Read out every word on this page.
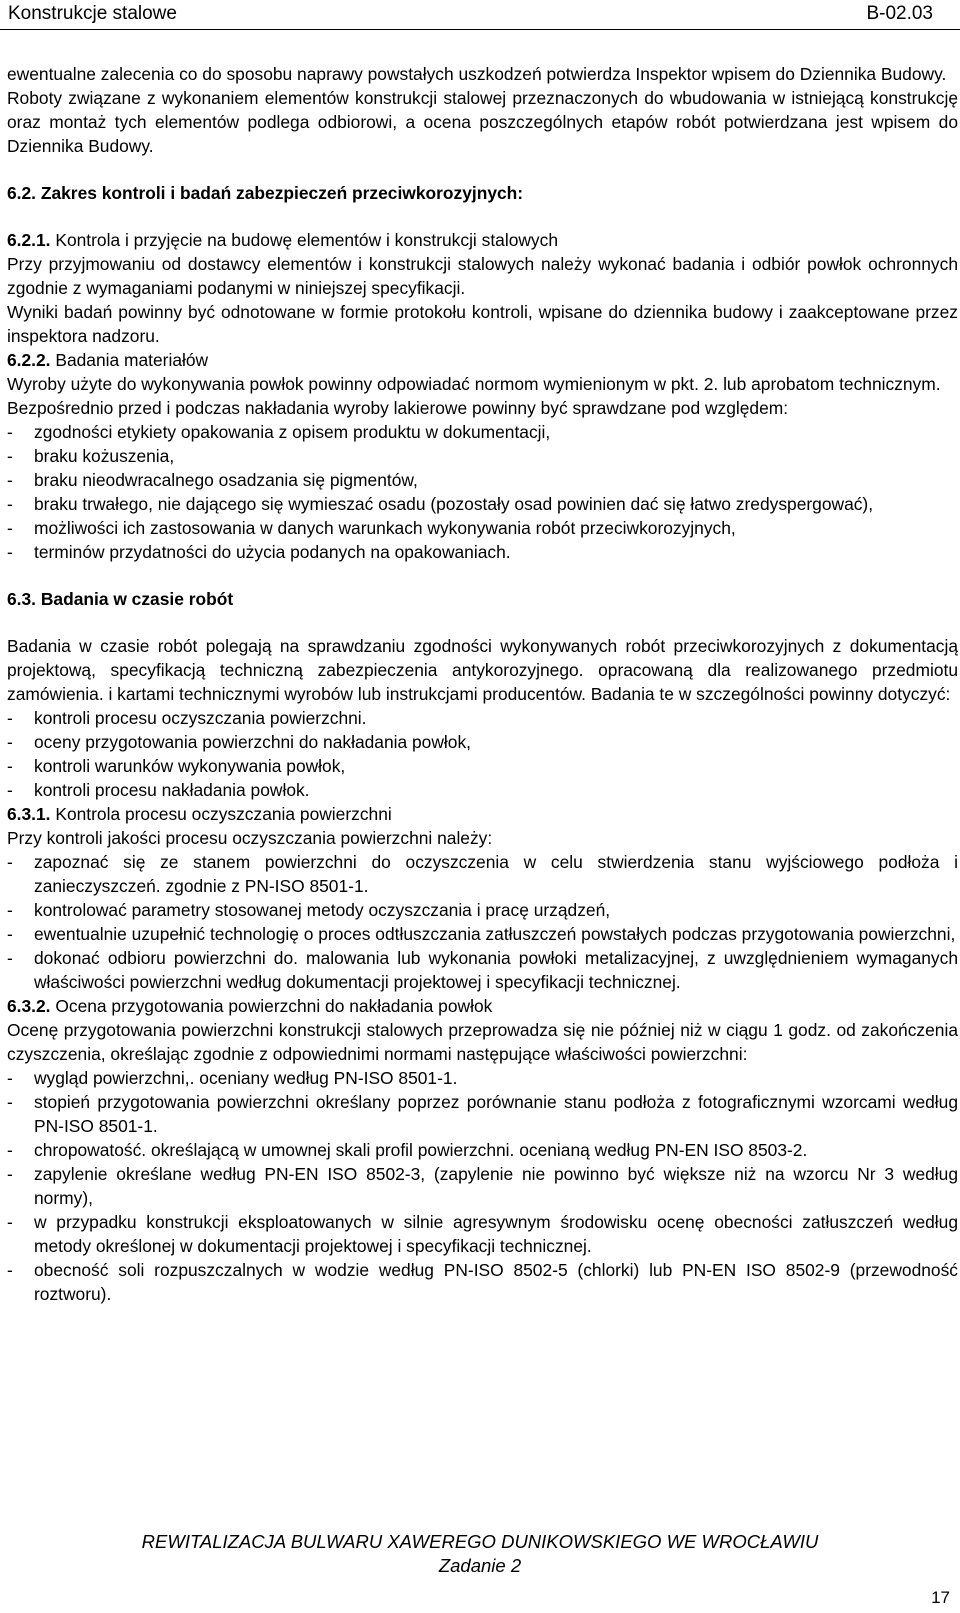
Konstrukcje stalowe	B-02.03

ewentualne zalecenia co do sposobu naprawy powstałych uszkodzeń potwierdza Inspektor wpisem do Dziennika Budowy.

Roboty związane z wykonaniem elementów konstrukcji stalowej przeznaczonych do wbudowania w istniejącą konstrukcję oraz montaż tych elementów podlega odbiorowi, a ocena poszczególnych etapów robót potwierdzana jest wpisem do Dziennika Budowy.

6.2. Zakres kontroli i badań zabezpieczeń przeciwkorozyjnych:

6.2.1. Kontrola i przyjęcie na budowę elementów i konstrukcji stalowych

Przy przyjmowaniu od dostawcy elementów i konstrukcji stalowych należy wykonać badania i odbiór powłok ochronnych zgodnie z wymaganiami podanymi w niniejszej specyfikacji.

Wyniki badań powinny być odnotowane w formie protokołu kontroli, wpisane do dziennika budowy i zaakceptowane przez inspektora nadzoru.

6.2.2. Badania materiałów

Wyroby użyte do wykonywania powłok powinny odpowiadać normom wymienionym w pkt. 2. lub aprobatom technicznym.

Bezpośrednio przed i podczas nakładania wyroby lakierowe powinny być sprawdzane pod względem:

- zgodności etykiety opakowania z opisem produktu w dokumentacji,

- braku kożuszenia,

- braku nieodwracalnego osadzania się pigmentów,

- braku trwałego, nie dającego się wymieszać osadu (pozostały osad powinien dać się łatwo zredyspergować),

- możliwości ich zastosowania w danych warunkach wykonywania robót przeciwkorozyjnych,

- terminów przydatności do użycia podanych na opakowaniach.

6.3. Badania w czasie robót

Badania w czasie robót polegają na sprawdzaniu zgodności wykonywanych robót przeciwkorozyjnych z dokumentacją projektową, specyfikacją techniczną zabezpieczenia antykorozyjnego. opracowaną dla realizowanego przedmiotu zamówienia. i kartami technicznymi wyrobów lub instrukcjami producentów. Badania te w szczególności powinny dotyczyć:

- kontroli procesu oczyszczania powierzchni.

- oceny przygotowania powierzchni do nakładania powłok,

- kontroli warunków wykonywania powłok,

- kontroli procesu nakładania powłok.

6.3.1. Kontrola procesu oczyszczania powierzchni

Przy kontroli jakości procesu oczyszczania powierzchni należy:

- zapoznać się ze stanem powierzchni do oczyszczenia w celu stwierdzenia stanu wyjściowego podłoża i zanieczyszczeń. zgodnie z PN-ISO 8501-1.

- kontrolować parametry stosowanej metody oczyszczania i pracę urządzeń,

- ewentualnie uzupełnić technologię o proces odtłuszczania zatłuszczeń powstałych podczas przygotowania powierzchni,

- dokonać odbioru powierzchni do. malowania lub wykonania powłoki metalizacyjnej, z uwzględnieniem wymaganych właściwości powierzchni według dokumentacji projektowej i specyfikacji technicznej.

6.3.2. Ocena przygotowania powierzchni do nakładania powłok

Ocenę przygotowania powierzchni konstrukcji stalowych przeprowadza się nie później niż w ciągu 1 godz. od zakończenia czyszczenia, określając zgodnie z odpowiednimi normami następujące właściwości powierzchni:

- wygląd powierzchni,. oceniany według PN-ISO 8501-1.

- stopień przygotowania powierzchni określany poprzez porównanie stanu podłoża z fotograficznymi wzorcami według PN-ISO 8501-1.

- chropowatość. określającą w umownej skali profil powierzchni. ocenianą według PN-EN ISO 8503-2.

- zapylenie określane według PN-EN ISO 8502-3, (zapylenie nie powinno być większe niż na wzorcu Nr 3 według normy),

- w przypadku konstrukcji eksploatowanych w silnie agresywnym środowisku ocenę obecności zatłuszczeń według metody określonej w dokumentacji projektowej i specyfikacji technicznej.

- obecność soli rozpuszczalnych w wodzie według PN-ISO 8502-5 (chlorki) lub PN-EN ISO 8502-9 (przewodność roztworu).

REWITALIZACJA BULWARU XAWEREGO DUNIKOWSKIEGO WE WROCŁAWIU
Zadanie 2
17
